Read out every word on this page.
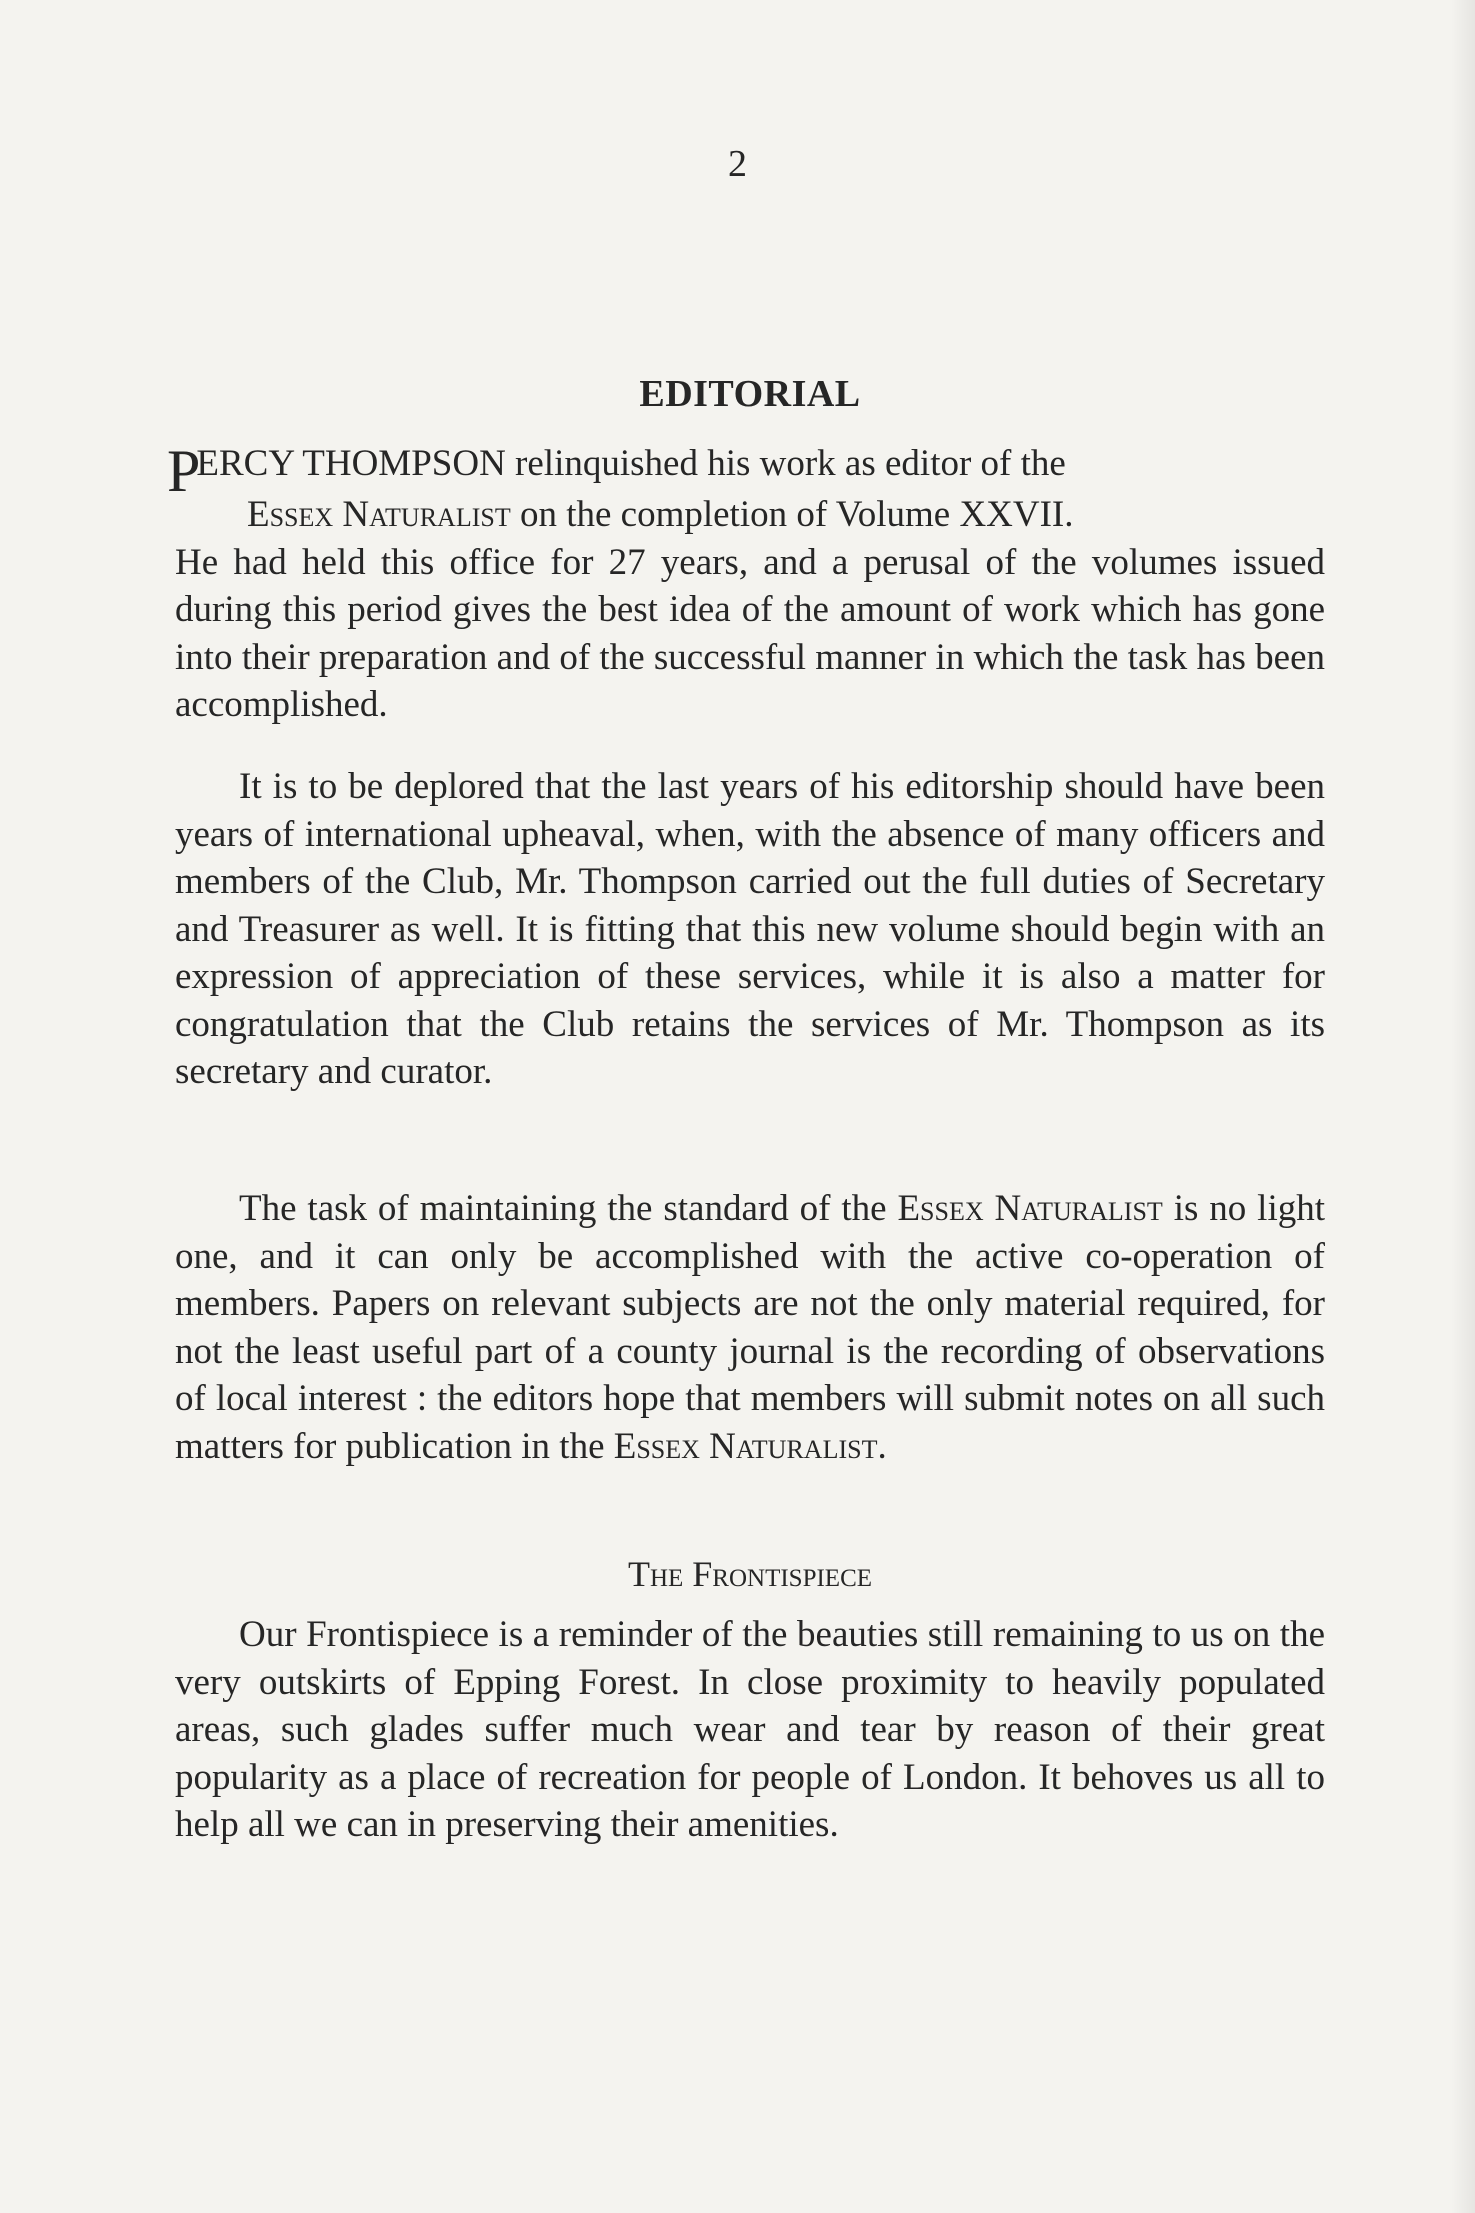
2
EDITORIAL
PERCY THOMPSON relinquished his work as editor of the
Essex Naturalist on the completion of Volume XXVII.
He had held this office for 27 years, and a perusal of the volumes issued during this period gives the best idea of the amount of work which has gone into their preparation and of the successful manner in which the task has been accomplished.
It is to be deplored that the last years of his editorship should have been years of international upheaval, when, with the absence of many officers and members of the Club, Mr. Thompson carried out the full duties of Secretary and Treasurer as well. It is fitting that this new volume should begin with an expression of appreciation of these services, while it is also a matter for congratulation that the Club retains the services of Mr. Thompson as its secretary and curator.
The task of maintaining the standard of the Essex Naturalist is no light one, and it can only be accomplished with the active co-operation of members. Papers on relevant subjects are not the only material required, for not the least useful part of a county journal is the recording of observations of local interest : the editors hope that members will submit notes on all such matters for publication in the Essex Naturalist.
The Frontispiece
Our Frontispiece is a reminder of the beauties still remaining to us on the very outskirts of Epping Forest. In close proximity to heavily populated areas, such glades suffer much wear and tear by reason of their great popularity as a place of recreation for people of London. It behoves us all to help all we can in preserving their amenities.
